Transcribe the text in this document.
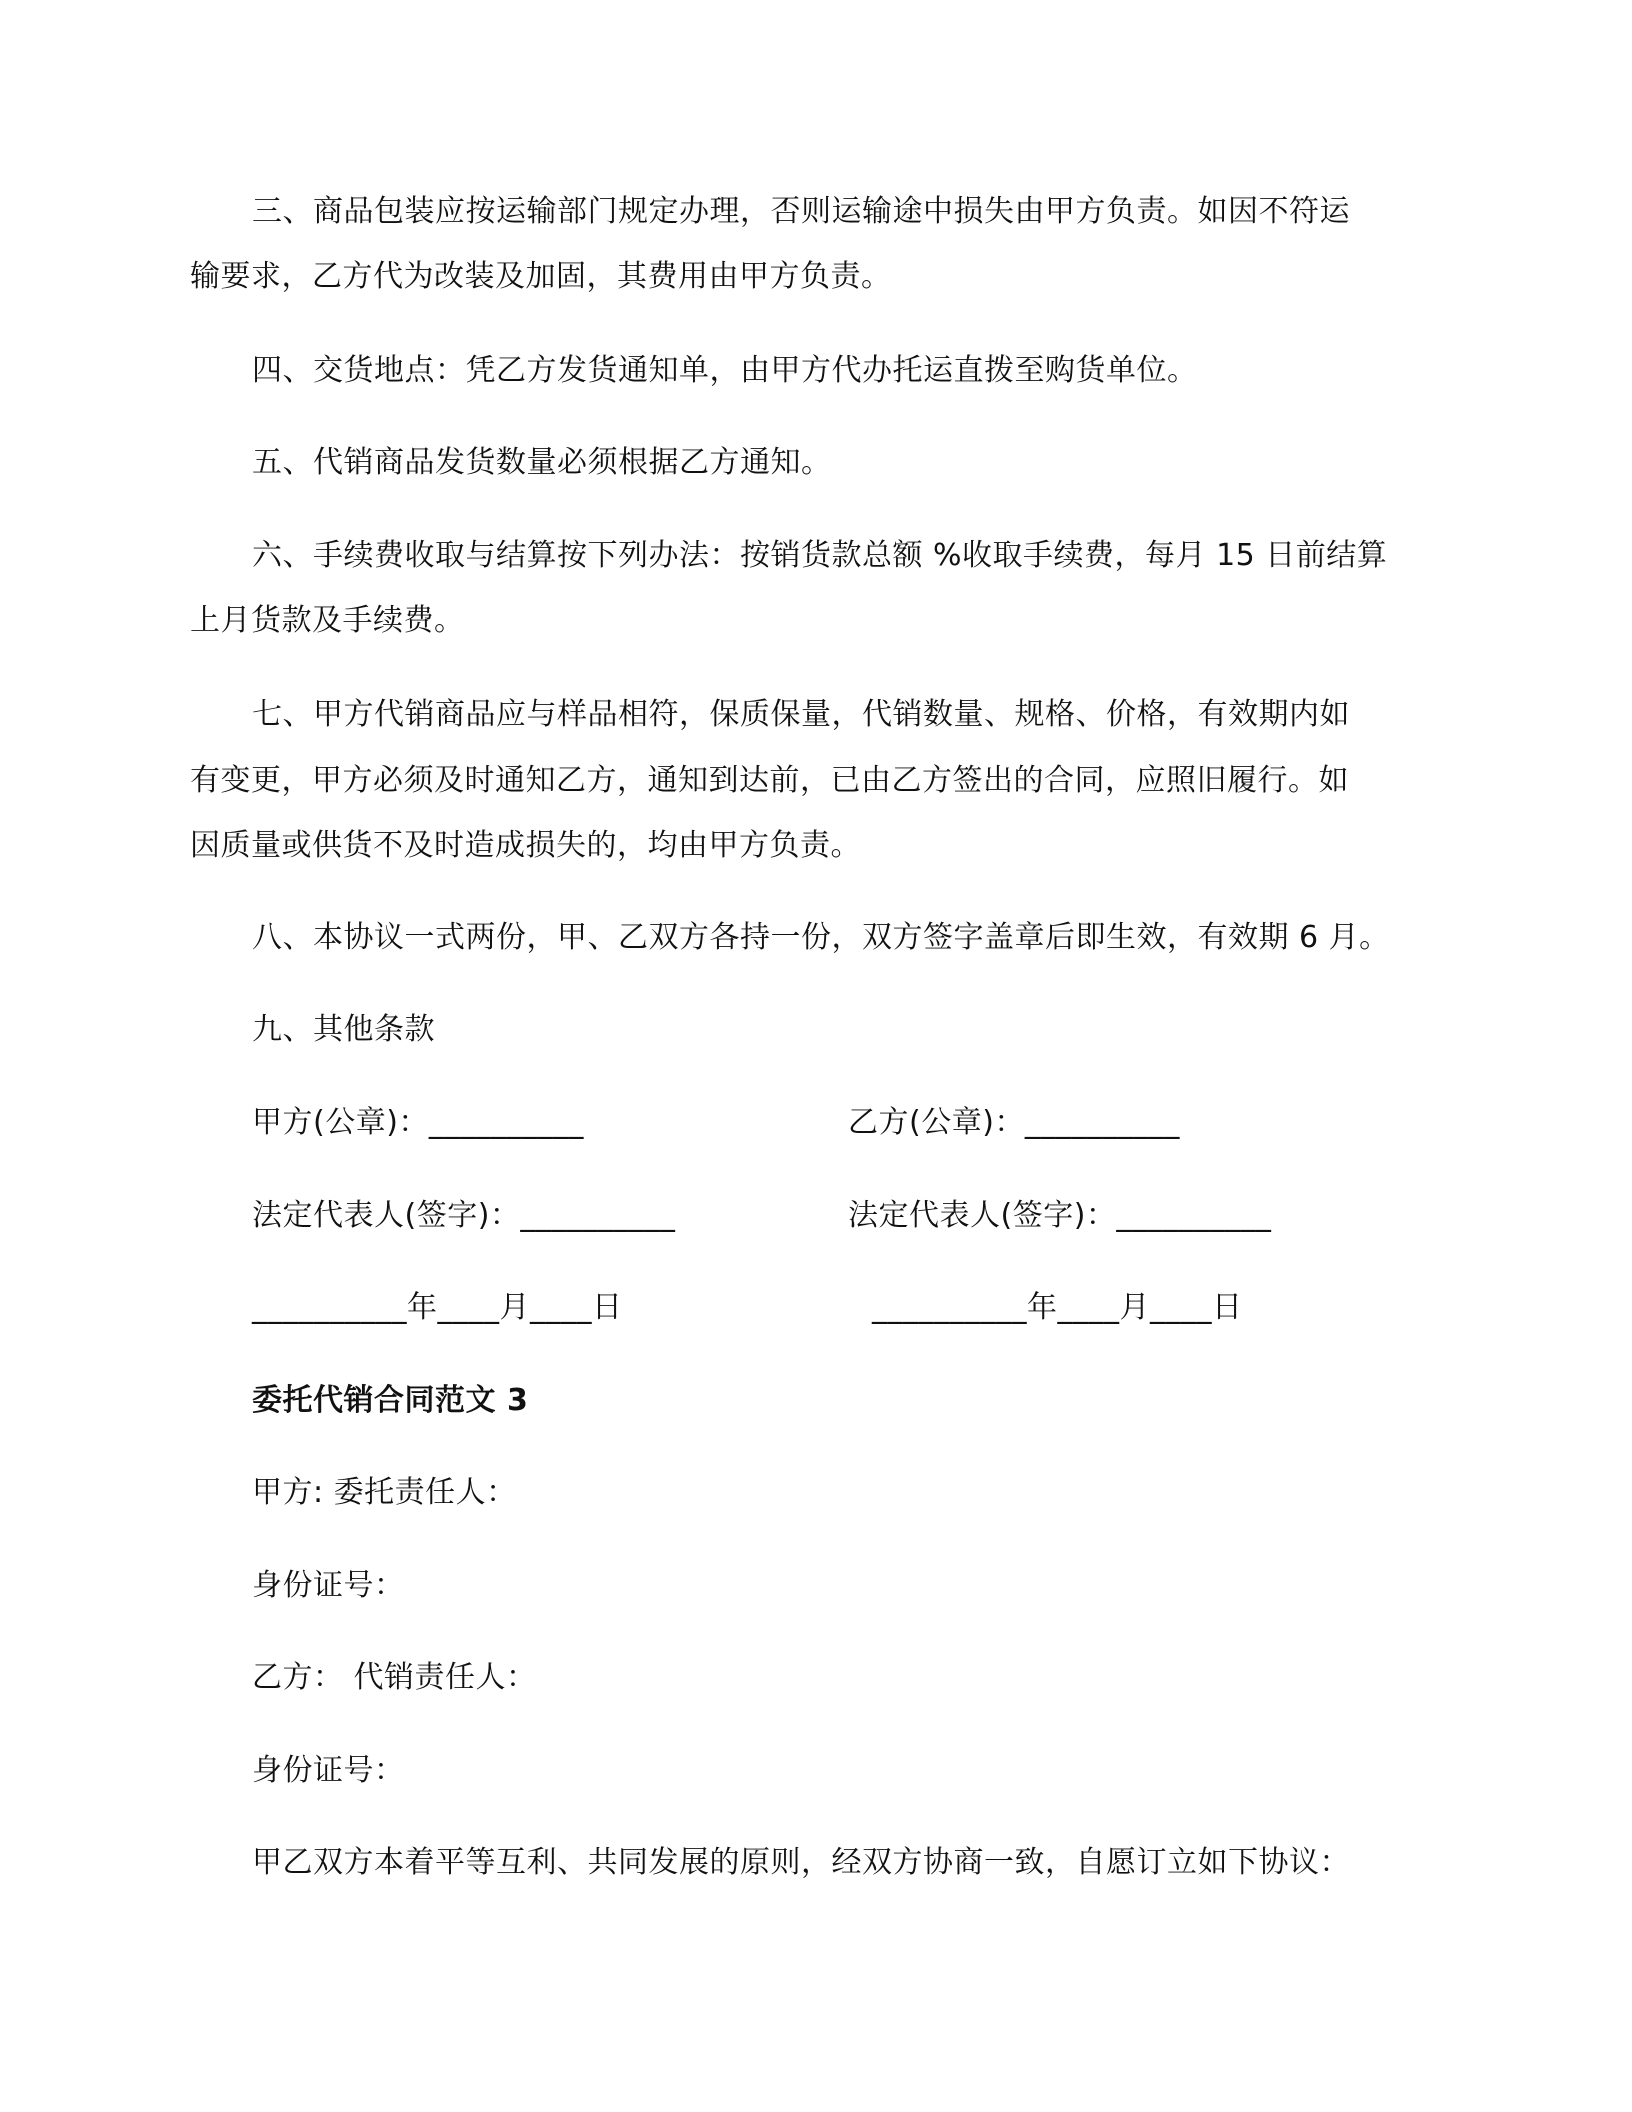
三、商品包装应按运输部门规定办理，否则运输途中损失由甲方负责。如因不符运
输要求，乙方代为改装及加固，其费用由甲方负责。
四、交货地点：凭乙方发货通知单，由甲方代办托运直拨至购货单位。
五、代销商品发货数量必须根据乙方通知。
六、手续费收取与结算按下列办法：按销货款总额 %收取手续费，每月 15 日前结算
上月货款及手续费。
七、甲方代销商品应与样品相符，保质保量，代销数量、规格、价格，有效期内如
有变更，甲方必须及时通知乙方，通知到达前，已由乙方签出的合同，应照旧履行。如
因质量或供货不及时造成损失的，均由甲方负责。
八、本协议一式两份，甲、乙双方各持一份，双方签字盖章后即生效，有效期 6 月。
九、其他条款
甲方(公章)：__________	乙方(公章)：__________
法定代表人(签字)：__________	法定代表人(签字)：__________
__________年____月____日	__________年____月____日
委托代销合同范文 3
甲方: 委托责任人：
身份证号：
乙方： 代销责任人：
身份证号：
甲乙双方本着平等互利、共同发展的原则，经双方协商一致，自愿订立如下协议：
